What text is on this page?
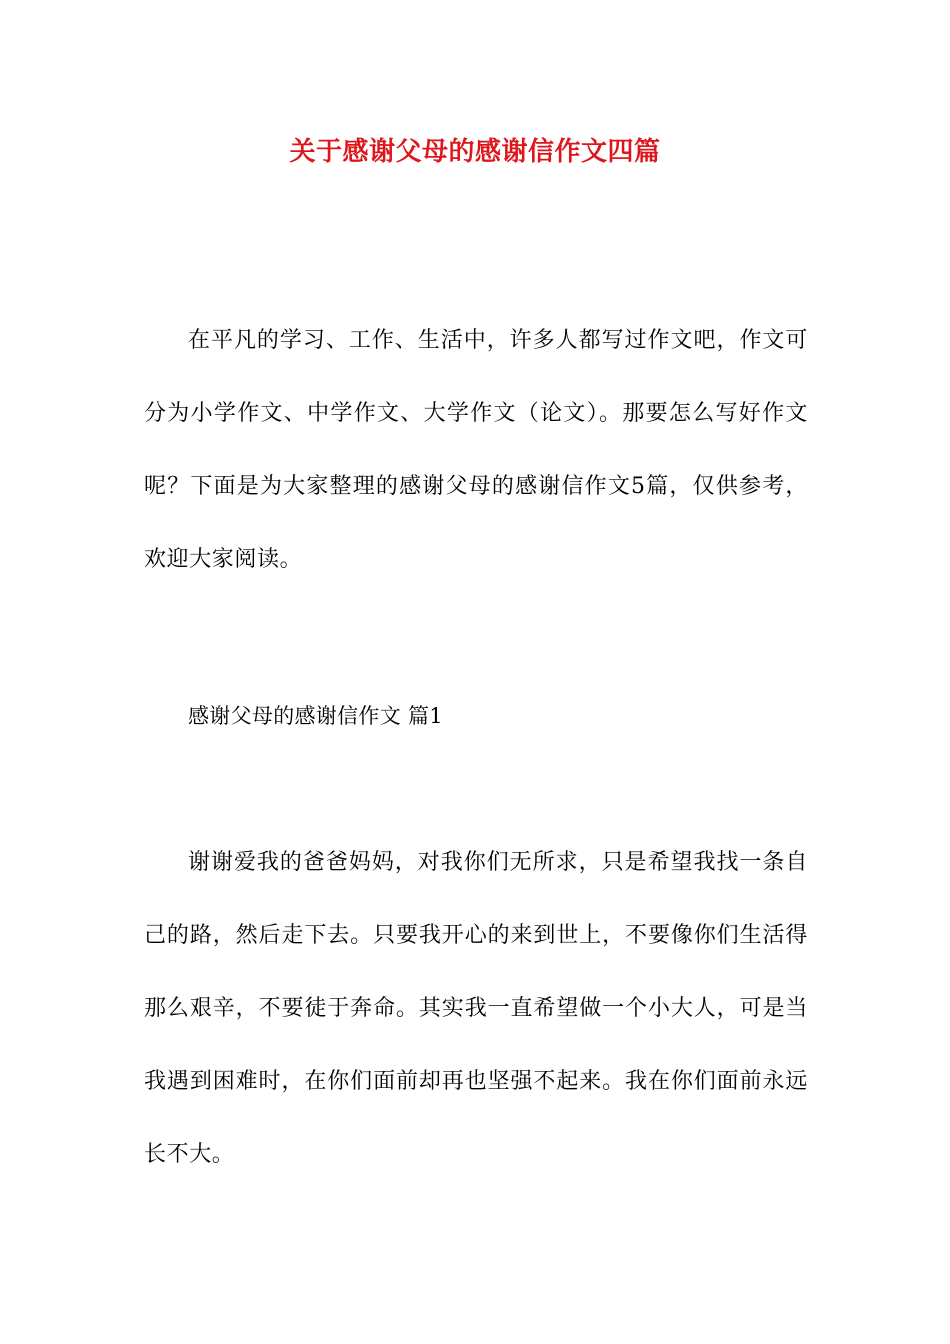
关于感谢父母的感谢信作文四篇
在平凡的学习、工作、生活中，许多人都写过作文吧，作文可分为小学作文、中学作文、大学作文（论文）。那要怎么写好作文呢？下面是为大家整理的感谢父母的感谢信作文5篇，仅供参考，欢迎大家阅读。
感谢父母的感谢信作文 篇1
谢谢爱我的爸爸妈妈，对我你们无所求，只是希望我找一条自己的路，然后走下去。只要我开心的来到世上，不要像你们生活得那么艰辛，不要徒于奔命。其实我一直希望做一个小大人，可是当我遇到困难时，在你们面前却再也坚强不起来。我在你们面前永远长不大。
